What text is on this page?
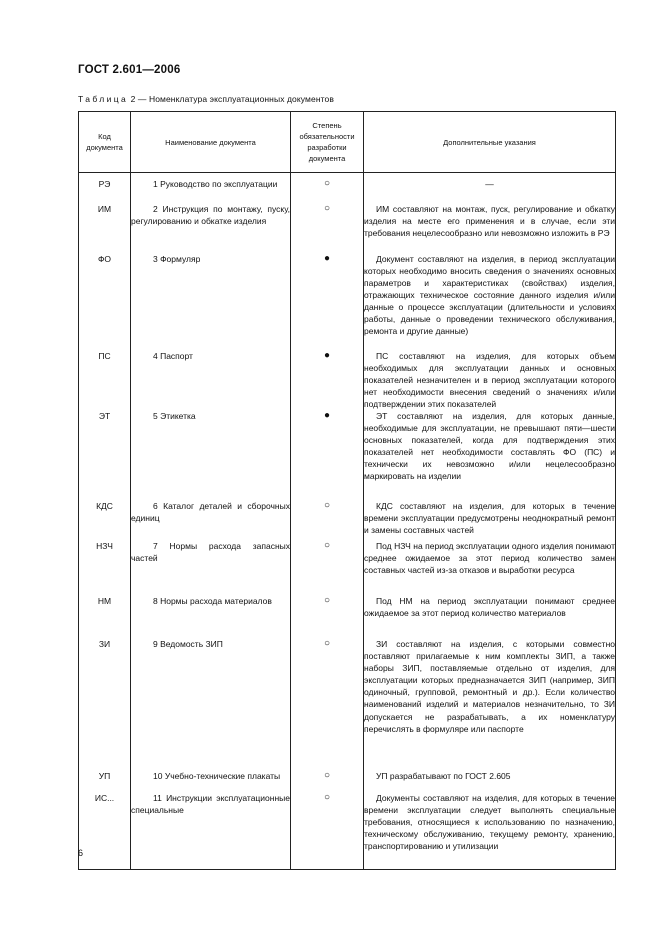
ГОСТ 2.601—2006
Таблица 2 — Номенклатура эксплуатационных документов
Код документа	Наименование документа	Степень обязательности разработки документа	Дополнительные указания
РЭ	1 Руководство по эксплуатации	○	—

ИМ	2 Инструкция по монтажу, пуску, регулированию и обкатке изделия	○	ИМ составляют на монтаж, пуск, регулирование и обкатку изделия на месте его применения и в случае, если эти требования нецелесообразно или невозможно изложить в РЭ

ФО	3 Формуляр	●	Документ составляют на изделия, в период эксплуатации которых необходимо вносить сведения о значениях основных параметров и характеристиках (свойствах) изделия, отражающих техническое состояние данного изделия и/или данные о процессе эксплуатации (длительности и условиях работы, данные о проведении технического обслуживания, ремонта и другие данные)

ПС	4 Паспорт	●	ПС составляют на изделия, для которых объем необходимых для эксплуатации данных и основных показателей незначителен и в период эксплуатации которого нет необходимости внесения сведений о значениях и/или подтверждении этих показателей

ЭТ	5 Этикетка	●	ЭТ составляют на изделия, для которых данные, необходимые для эксплуатации, не превышают пяти—шести основных показателей, когда для подтверждения этих показателей нет необходимости составлять ФО (ПС) и технически их невозможно и/или нецелесообразно маркировать на изделии

КДС	6 Каталог деталей и сборочных единиц	○	КДС составляют на изделия, для которых в течение времени эксплуатации предусмотрены неоднократный ремонт и замены составных частей

НЗЧ	7 Нормы расхода запасных частей	○	Под НЗЧ на период эксплуатации одного изделия понимают среднее ожидаемое за этот период количество замен составных частей из-за отказов и выработки ресурса

НМ	8 Нормы расхода материалов	○	Под НМ на период эксплуатации понимают среднее ожидаемое за этот период количество материалов

ЗИ	9 Ведомость ЗИП	○	ЗИ составляют на изделия, с которыми совместно поставляют прилагаемые к ним комплекты ЗИП, а также наборы ЗИП, поставляемые отдельно от изделия, для эксплуатации которых предназначается ЗИП (например, ЗИП одиночный, групповой, ремонтный и др.). Если количество наименований изделий и материалов незначительно, то ЗИ допускается не разрабатывать, а их номенклатуру перечислять в формуляре или паспорте

УП	10 Учебно-технические плакаты	○	УП разрабатывают по ГОСТ 2.605

ИС...	11 Инструкции эксплуатационные специальные	○	Документы составляют на изделия, для которых в течение времени эксплуатации следует выполнять специальные требования, относящиеся к использованию по назначению, техническому обслуживанию, текущему ремонту, хранению, транспортированию и утилизации
6
